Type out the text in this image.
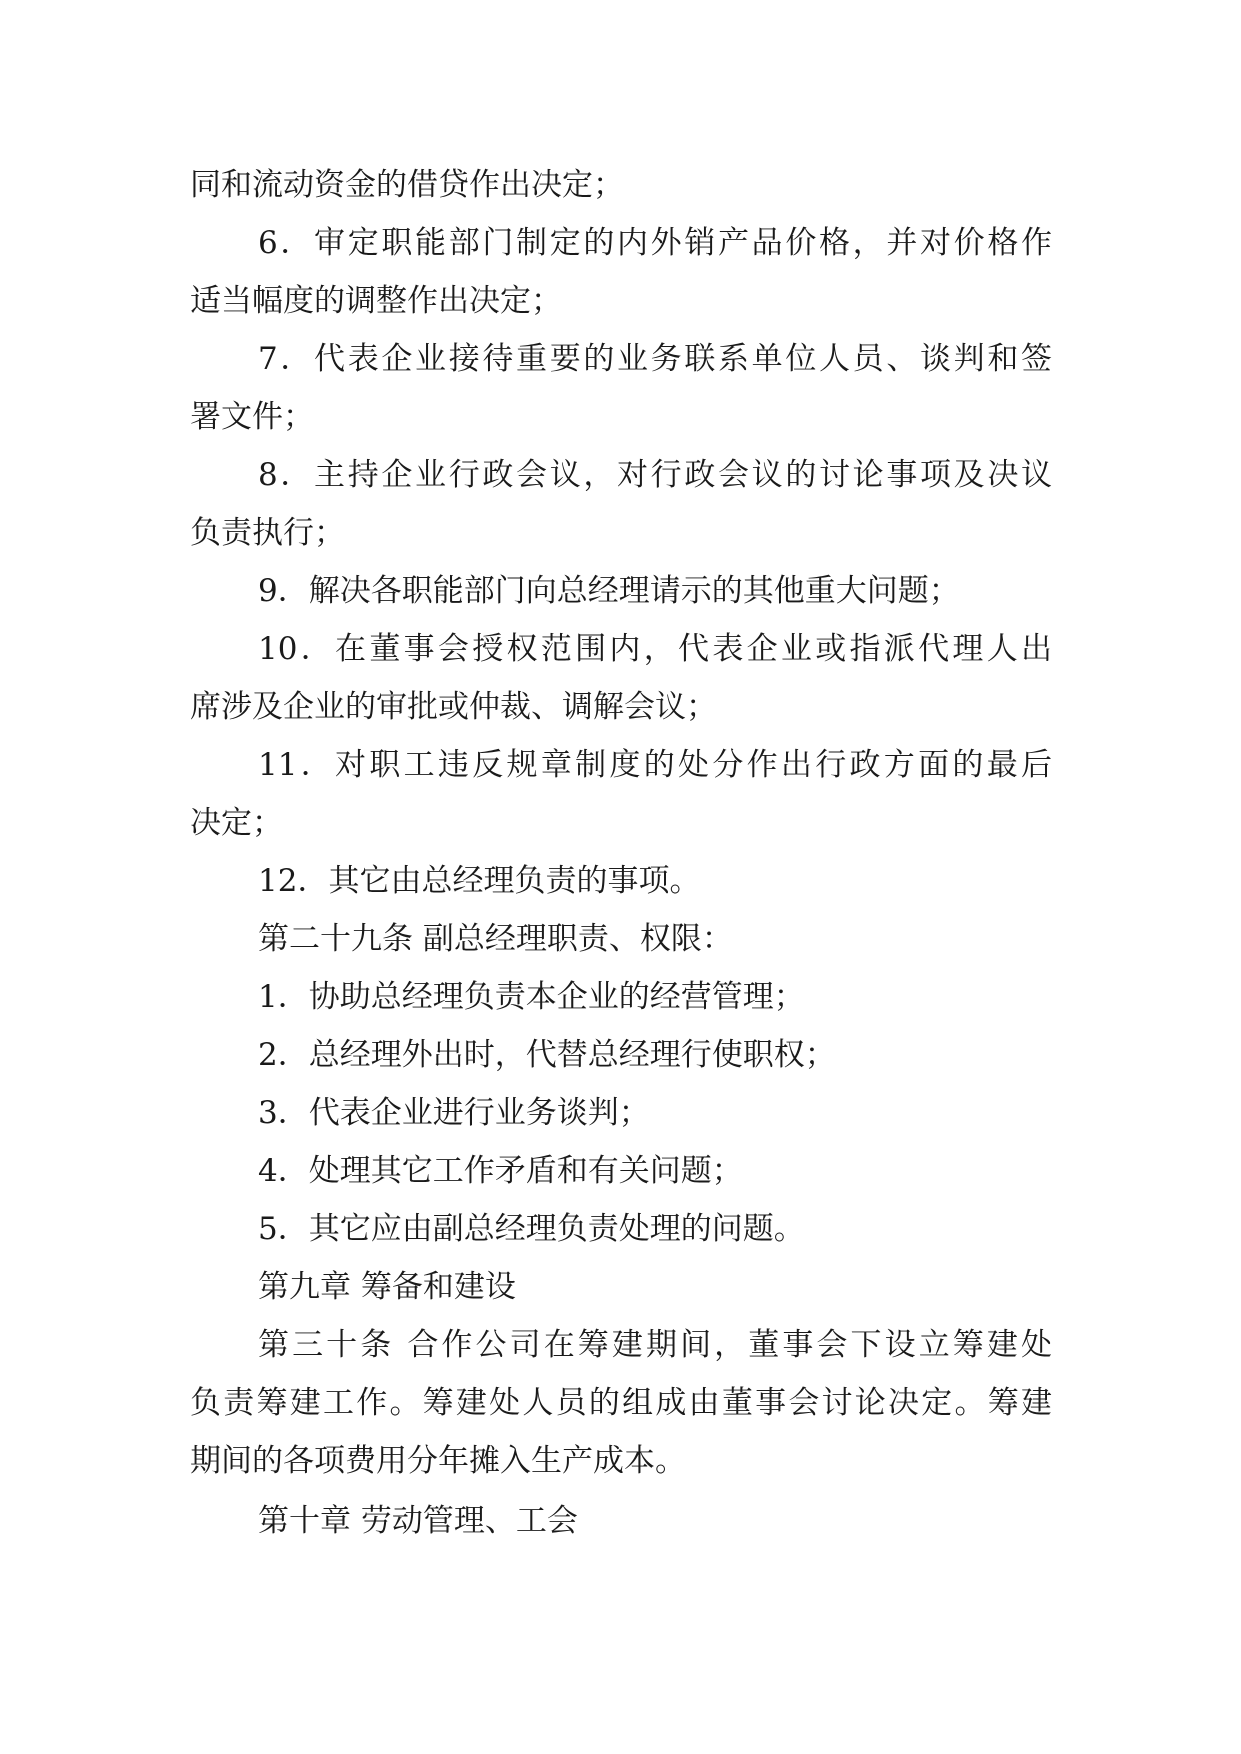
同和流动资金的借贷作出决定；
6．审定职能部门制定的内外销产品价格，并对价格作
适当幅度的调整作出决定；
7．代表企业接待重要的业务联系单位人员、谈判和签
署文件；
8．主持企业行政会议，对行政会议的讨论事项及决议
负责执行；
9．解决各职能部门向总经理请示的其他重大问题；
10．在董事会授权范围内，代表企业或指派代理人出
席涉及企业的审批或仲裁、调解会议；
11．对职工违反规章制度的处分作出行政方面的最后
决定；
12．其它由总经理负责的事项。
第二十九条 副总经理职责、权限：
1．协助总经理负责本企业的经营管理；
2．总经理外出时，代替总经理行使职权；
3．代表企业进行业务谈判；
4．处理其它工作矛盾和有关问题；
5．其它应由副总经理负责处理的问题。
第九章 筹备和建设
第三十条 合作公司在筹建期间，董事会下设立筹建处
负责筹建工作。筹建处人员的组成由董事会讨论决定。筹建
期间的各项费用分年摊入生产成本。
第十章 劳动管理、工会
